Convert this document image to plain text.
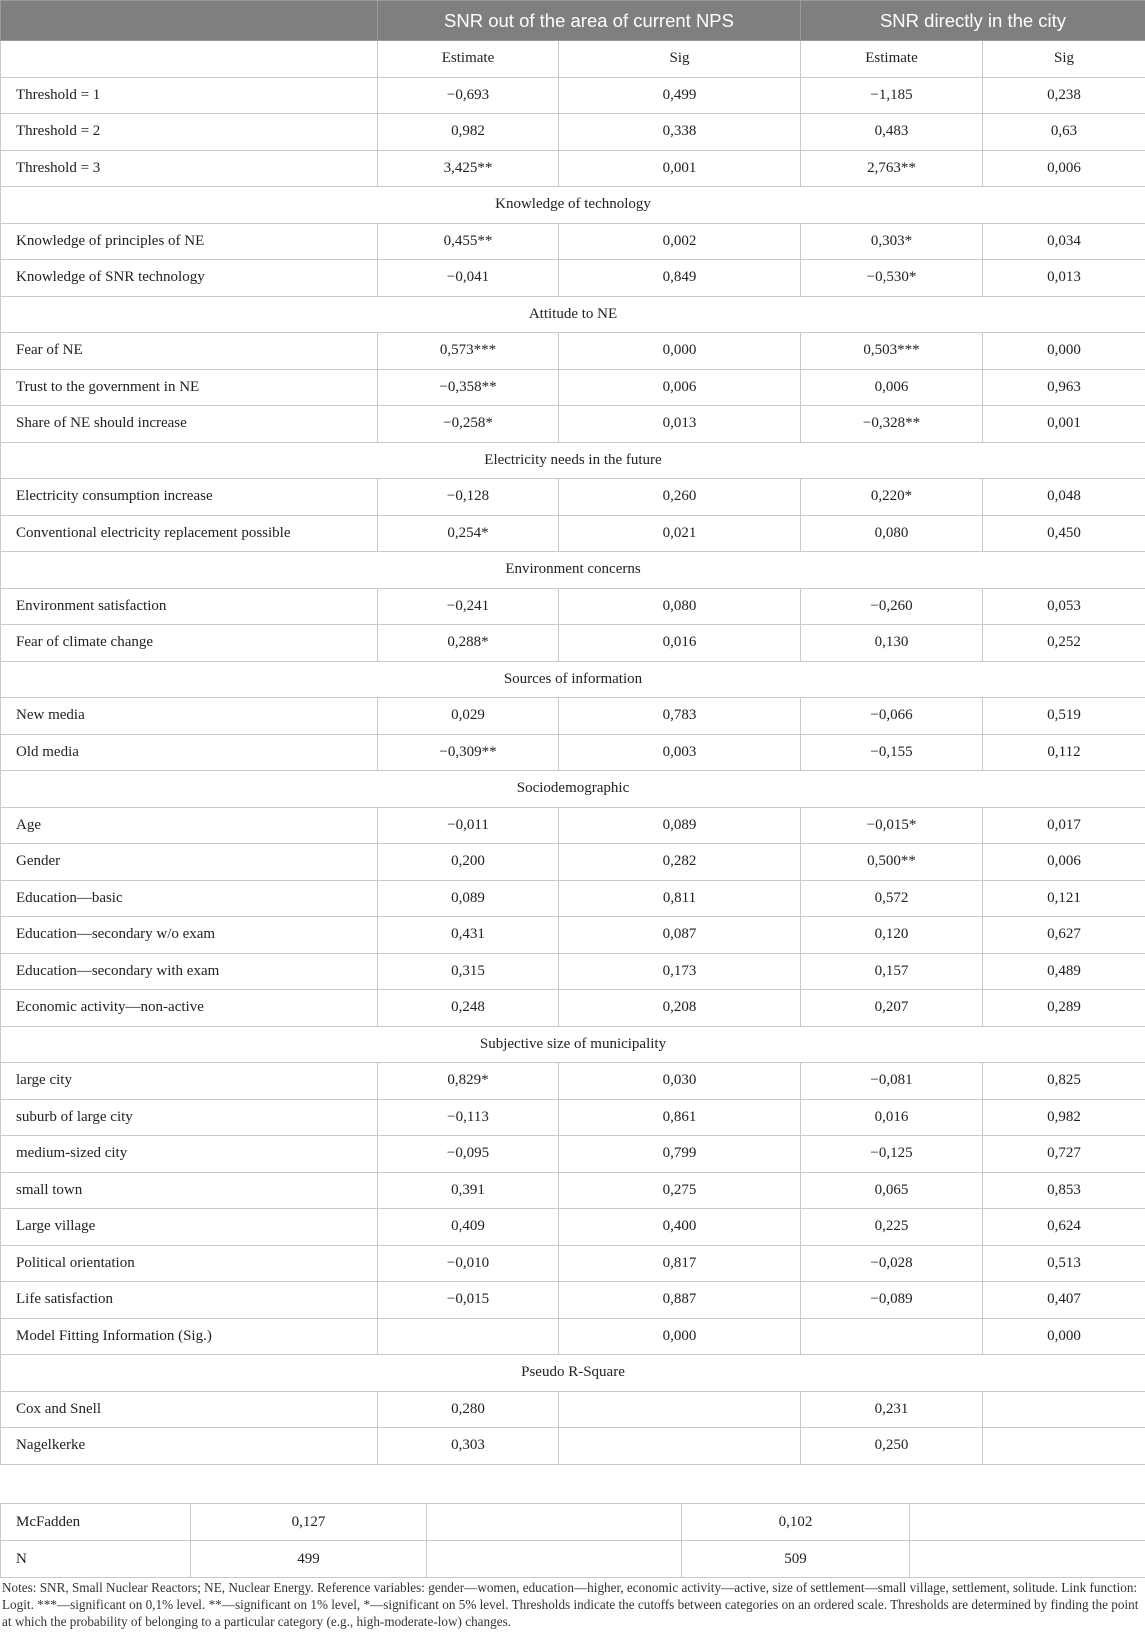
	SNR out of the area of current NPS		SNR directly in the city	
	Estimate	Sig	Estimate	Sig
Threshold = 1	−0,693	0,499	−1,185	0,238
Threshold = 2	0,982	0,338	0,483	0,63
Threshold = 3	3,425**	0,001	2,763**	0,006
Knowledge of technology				
Knowledge of principles of NE	0,455**	0,002	0,303*	0,034
Knowledge of SNR technology	−0,041	0,849	−0,530*	0,013
Attitude to NE				
Fear of NE	0,573***	0,000	0,503***	0,000
Trust to the government in NE	−0,358**	0,006	0,006	0,963
Share of NE should increase	−0,258*	0,013	−0,328**	0,001
Electricity needs in the future				
Electricity consumption increase	−0,128	0,260	0,220*	0,048
Conventional electricity replacement possible	0,254*	0,021	0,080	0,450
Environment concerns				
Environment satisfaction	−0,241	0,080	−0,260	0,053
Fear of climate change	0,288*	0,016	0,130	0,252
Sources of information				
New media	0,029	0,783	−0,066	0,519
Old media	−0,309**	0,003	−0,155	0,112
Sociodemographic				
Age	−0,011	0,089	−0,015*	0,017
Gender	0,200	0,282	0,500**	0,006
Education—basic	0,089	0,811	0,572	0,121
Education—secondary w/o exam	0,431	0,087	0,120	0,627
Education—secondary with exam	0,315	0,173	0,157	0,489
Economic activity—non-active	0,248	0,208	0,207	0,289
Subjective size of municipality				
large city	0,829*	0,030	−0,081	0,825
suburb of large city	−0,113	0,861	0,016	0,982
medium-sized city	−0,095	0,799	−0,125	0,727
small town	0,391	0,275	0,065	0,853
Large village	0,409	0,400	0,225	0,624
Political orientation	−0,010	0,817	−0,028	0,513
Life satisfaction	−0,015	0,887	−0,089	0,407
Model Fitting Information (Sig.)		0,000		0,000
Pseudo R-Square				
Cox and Snell	0,280		0,231	
Nagelkerke	0,303		0,250	
McFadden	0,127		0,102	
N	499		509	
Notes: SNR, Small Nuclear Reactors; NE, Nuclear Energy. Reference variables: gender—women, education—higher, economic activity—active, size of settlement—small village, settlement, solitude. Link function: Logit. ***—significant on 0,1% level. **—significant on 1% level, *—significant on 5% level. Thresholds indicate the cutoffs between categories on an ordered scale. Thresholds are determined by finding the point at which the probability of belonging to a particular category (e.g., high-moderate-low) changes.
